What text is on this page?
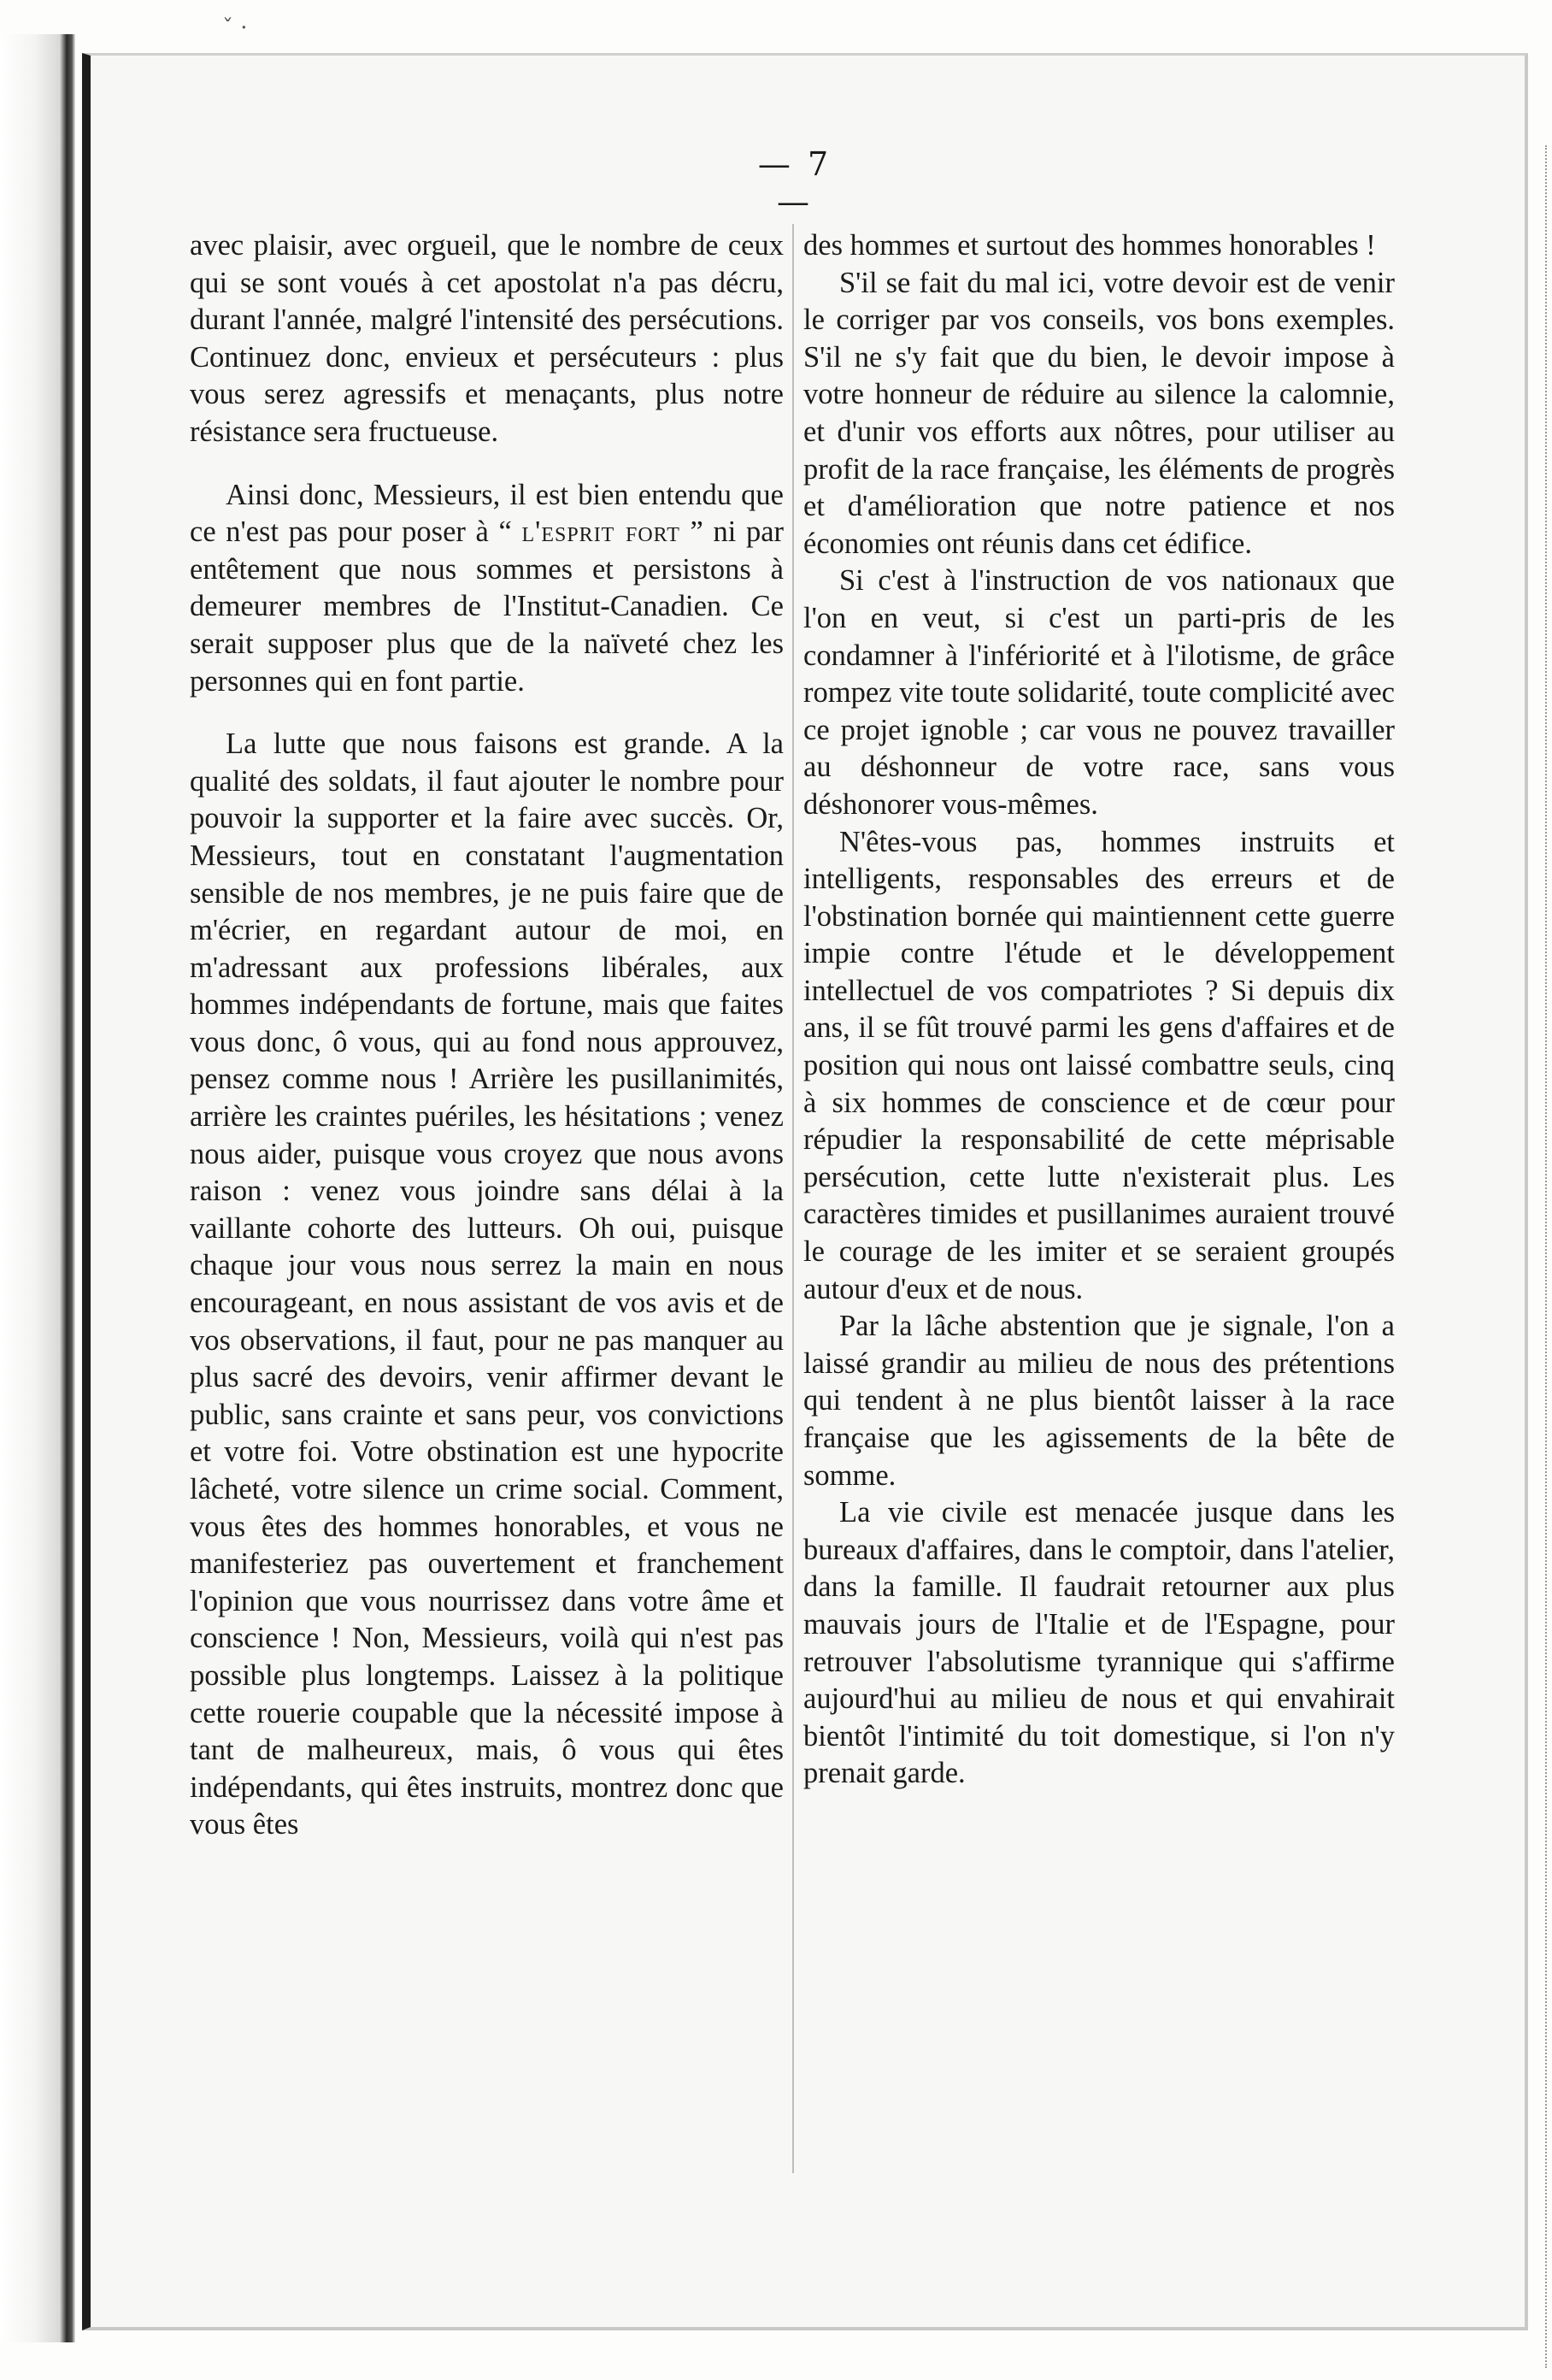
ˇ ·
— 7 —

avec plaisir, avec orgueil, que le nombre de ceux qui se sont voués à cet apostolat n'a pas décru, durant l'année, malgré l'intensité des persécutions. Continuez donc, envieux et persécuteurs : plus vous serez agressifs et menaçants, plus notre résistance sera fructueuse.

Ainsi donc, Messieurs, il est bien entendu que ce n'est pas pour poser à “ l'esprit fort ” ni par entêtement que nous sommes et persistons à demeurer membres de l'Institut-Canadien. Ce serait supposer plus que de la naïveté chez les personnes qui en font partie.

La lutte que nous faisons est grande. A la qualité des soldats, il faut ajouter le nombre pour pouvoir la supporter et la faire avec succès. Or, Messieurs, tout en constatant l'augmentation sensible de nos membres, je ne puis faire que de m'écrier, en regardant autour de moi, en m'adressant aux professions libérales, aux hommes indépendants de fortune, mais que faites vous donc, ô vous, qui au fond nous approuvez, pensez comme nous ! Arrière les pusillanimités, arrière les craintes puériles, les hésitations ; venez nous aider, puisque vous croyez que nous avons raison : venez vous joindre sans délai à la vaillante cohorte des lutteurs. Oh oui, puisque chaque jour vous nous serrez la main en nous encourageant, en nous assistant de vos avis et de vos observations, il faut, pour ne pas manquer au plus sacré des devoirs, venir affirmer devant le public, sans crainte et sans peur, vos convictions et votre foi. Votre obstination est une hypocrite lâcheté, votre silence un crime social. Comment, vous êtes des hommes honorables, et vous ne manifesteriez pas ouvertement et franchement l'opinion que vous nourrissez dans votre âme et conscience ! Non, Messieurs, voilà qui n'est pas possible plus longtemps. Laissez à la politique cette rouerie coupable que la nécessité impose à tant de malheureux, mais, ô vous qui êtes indépendants, qui êtes instruits, montrez donc que vous êtes

des hommes et surtout des hommes honorables !

S'il se fait du mal ici, votre devoir est de venir le corriger par vos conseils, vos bons exemples. S'il ne s'y fait que du bien, le devoir impose à votre honneur de réduire au silence la calomnie, et d'unir vos efforts aux nôtres, pour utiliser au profit de la race française, les éléments de progrès et d'amélioration que notre patience et nos économies ont réunis dans cet édifice.

Si c'est à l'instruction de vos nationaux que l'on en veut, si c'est un parti-pris de les condamner à l'infériorité et à l'ilotisme, de grâce rompez vite toute solidarité, toute complicité avec ce projet ignoble ; car vous ne pouvez travailler au déshonneur de votre race, sans vous déshonorer vous-mêmes.

N'êtes-vous pas, hommes instruits et intelligents, responsables des erreurs et de l'obstination bornée qui maintiennent cette guerre impie contre l'étude et le développement intellectuel de vos compatriotes ? Si depuis dix ans, il se fût trouvé parmi les gens d'affaires et de position qui nous ont laissé combattre seuls, cinq à six hommes de conscience et de cœur pour répudier la responsabilité de cette méprisable persécution, cette lutte n'existerait plus. Les caractères timides et pusillanimes auraient trouvé le courage de les imiter et se seraient groupés autour d'eux et de nous.

Par la lâche abstention que je signale, l'on a laissé grandir au milieu de nous des prétentions qui tendent à ne plus bientôt laisser à la race française que les agissements de la bête de somme.

La vie civile est menacée jusque dans les bureaux d'affaires, dans le comptoir, dans l'atelier, dans la famille. Il faudrait retourner aux plus mauvais jours de l'Italie et de l'Espagne, pour retrouver l'absolutisme tyrannique qui s'affirme aujourd'hui au milieu de nous et qui envahirait bientôt l'intimité du toit domestique, si l'on n'y prenait garde.
